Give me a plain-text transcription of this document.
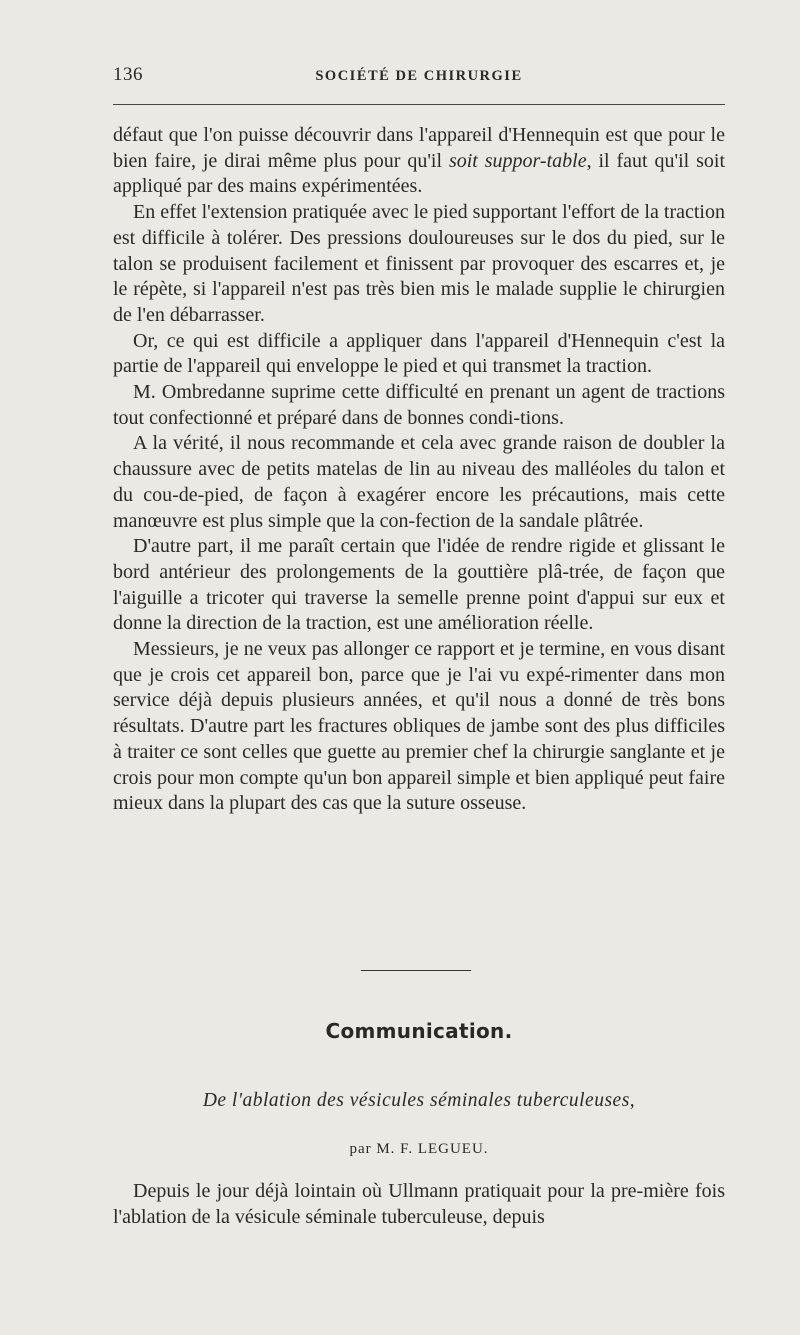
136	SOCIÉTÉ DE CHIRURGIE

défaut que l'on puisse découvrir dans l'appareil d'Hennequin est que pour le bien faire, je dirai même plus pour qu'il soit suppor-table, il faut qu'il soit appliqué par des mains expérimentées.

En effet l'extension pratiquée avec le pied supportant l'effort de la traction est difficile à tolérer. Des pressions douloureuses sur le dos du pied, sur le talon se produisent facilement et finissent par provoquer des escarres et, je le répète, si l'appareil n'est pas très bien mis le malade supplie le chirurgien de l'en débarrasser.

Or, ce qui est difficile a appliquer dans l'appareil d'Hennequin c'est la partie de l'appareil qui enveloppe le pied et qui transmet la traction.

M. Ombredanne suprime cette difficulté en prenant un agent de tractions tout confectionné et préparé dans de bonnes condi-tions.

A la vérité, il nous recommande et cela avec grande raison de doubler la chaussure avec de petits matelas de lin au niveau des malléoles du talon et du cou-de-pied, de façon à exagérer encore les précautions, mais cette manœuvre est plus simple que la con-fection de la sandale plâtrée.

D'autre part, il me paraît certain que l'idée de rendre rigide et glissant le bord antérieur des prolongements de la gouttière plâ-trée, de façon que l'aiguille a tricoter qui traverse la semelle prenne point d'appui sur eux et donne la direction de la traction, est une amélioration réelle.

Messieurs, je ne veux pas allonger ce rapport et je termine, en vous disant que je crois cet appareil bon, parce que je l'ai vu expé-rimenter dans mon service déjà depuis plusieurs années, et qu'il nous a donné de très bons résultats. D'autre part les fractures obliques de jambe sont des plus difficiles à traiter ce sont celles que guette au premier chef la chirurgie sanglante et je crois pour mon compte qu'un bon appareil simple et bien appliqué peut faire mieux dans la plupart des cas que la suture osseuse.

Communication.
De l'ablation des vésicules séminales tuberculeuses,
par M. F. LEGUEU.

Depuis le jour déjà lointain où Ullmann pratiquait pour la pre-mière fois l'ablation de la vésicule séminale tuberculeuse, depuis
